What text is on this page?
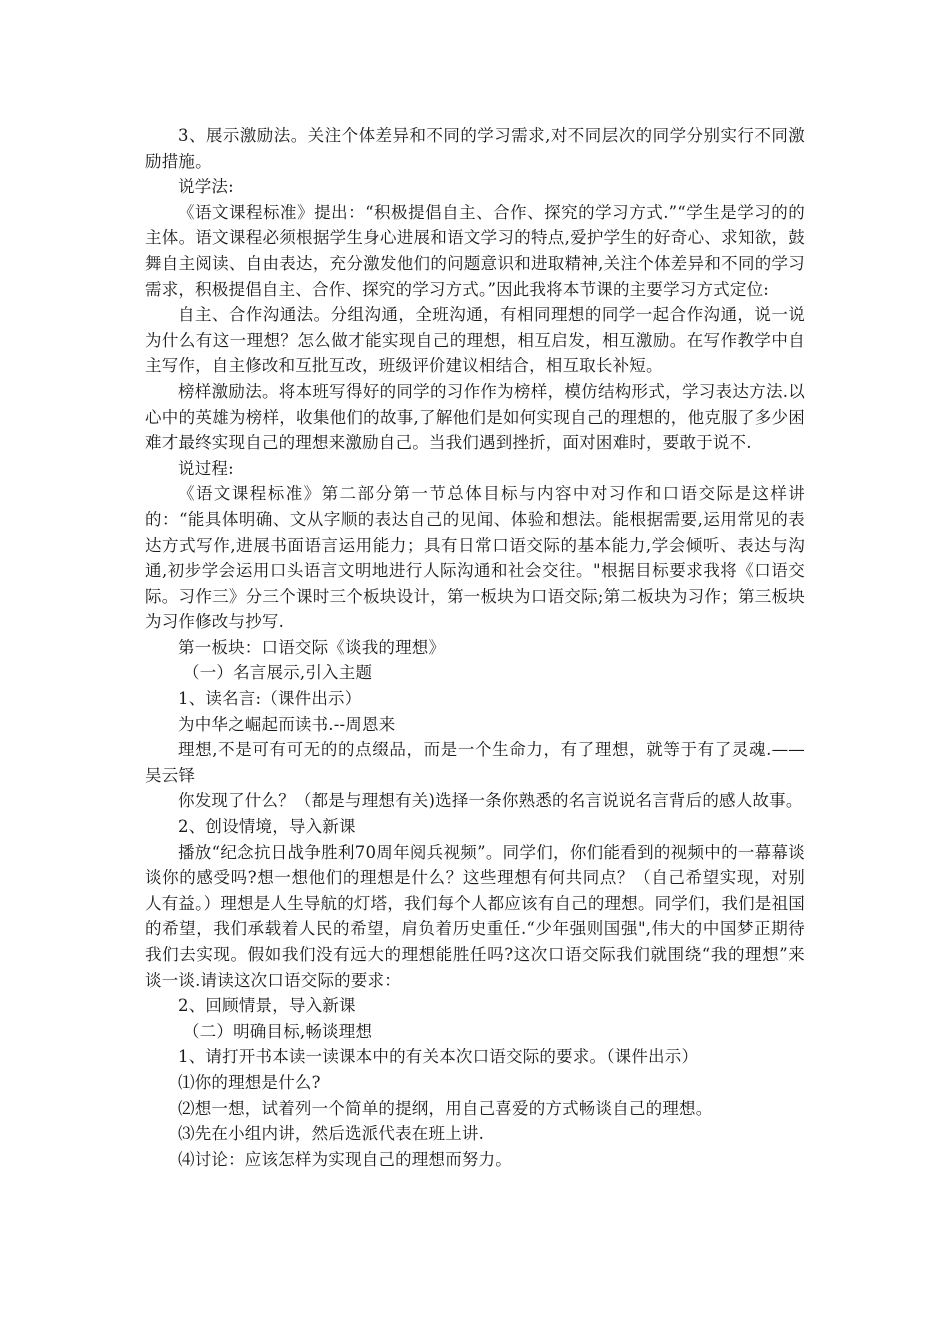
3、展示激励法。关注个体差异和不同的学习需求,对不同层次的同学分别实行不同激励措施。

说学法:

《语文课程标准》提出：“积极提倡自主、合作、探究的学习方式.”“学生是学习的的主体。语文课程必须根据学生身心进展和语文学习的特点,爱护学生的好奇心、求知欲，鼓舞自主阅读、自由表达，充分激发他们的问题意识和进取精神,关注个体差异和不同的学习需求，积极提倡自主、合作、探究的学习方式。”因此我将本节课的主要学习方式定位:

自主、合作沟通法。分组沟通，全班沟通，有相同理想的同学一起合作沟通，说一说为什么有这一理想？怎么做才能实现自己的理想，相互启发，相互激励。在写作教学中自主写作，自主修改和互批互改，班级评价建议相结合，相互取长补短。

榜样激励法。将本班写得好的同学的习作作为榜样，模仿结构形式，学习表达方法.以心中的英雄为榜样，收集他们的故事,了解他们是如何实现自己的理想的，他克服了多少困难才最终实现自己的理想来激励自己。当我们遇到挫折，面对困难时，要敢于说不.

说过程:

《语文课程标准》第二部分第一节总体目标与内容中对习作和口语交际是这样讲的：“能具体明确、文从字顺的表达自己的见闻、体验和想法。能根据需要,运用常见的表达方式写作,进展书面语言运用能力；具有日常口语交际的基本能力,学会倾听、表达与沟通,初步学会运用口头语言文明地进行人际沟通和社会交往。"根据目标要求我将《口语交际。习作三》分三个课时三个板块设计，第一板块为口语交际;第二板块为习作；第三板块为习作修改与抄写.

第一板块：口语交际《谈我的理想》

（一）名言展示,引入主题

1、读名言:（课件出示）

为中华之崛起而读书.--周恩来

理想,不是可有可无的的点缀品，而是一个生命力，有了理想，就等于有了灵魂.——吴云铎

你发现了什么？（都是与理想有关)选择一条你熟悉的名言说说名言背后的感人故事。

2、创设情境，导入新课

播放“纪念抗日战争胜利70周年阅兵视频”。同学们，你们能看到的视频中的一幕幕谈谈你的感受吗?想一想他们的理想是什么？这些理想有何共同点？（自己希望实现，对别人有益。）理想是人生导航的灯塔，我们每个人都应该有自己的理想。同学们，我们是祖国的希望，我们承载着人民的希望，肩负着历史重任.“少年强则国强",伟大的中国梦正期待我们去实现。假如我们没有远大的理想能胜任吗?这次口语交际我们就围绕“我的理想”来谈一谈.请读这次口语交际的要求：

2、回顾情景，导入新课

（二）明确目标,畅谈理想

1、请打开书本读一读课本中的有关本次口语交际的要求。（课件出示）

⑴你的理想是什么?

⑵想一想，试着列一个简单的提纲，用自己喜爱的方式畅谈自己的理想。

⑶先在小组内讲，然后选派代表在班上讲.

⑷讨论：应该怎样为实现自己的理想而努力。
